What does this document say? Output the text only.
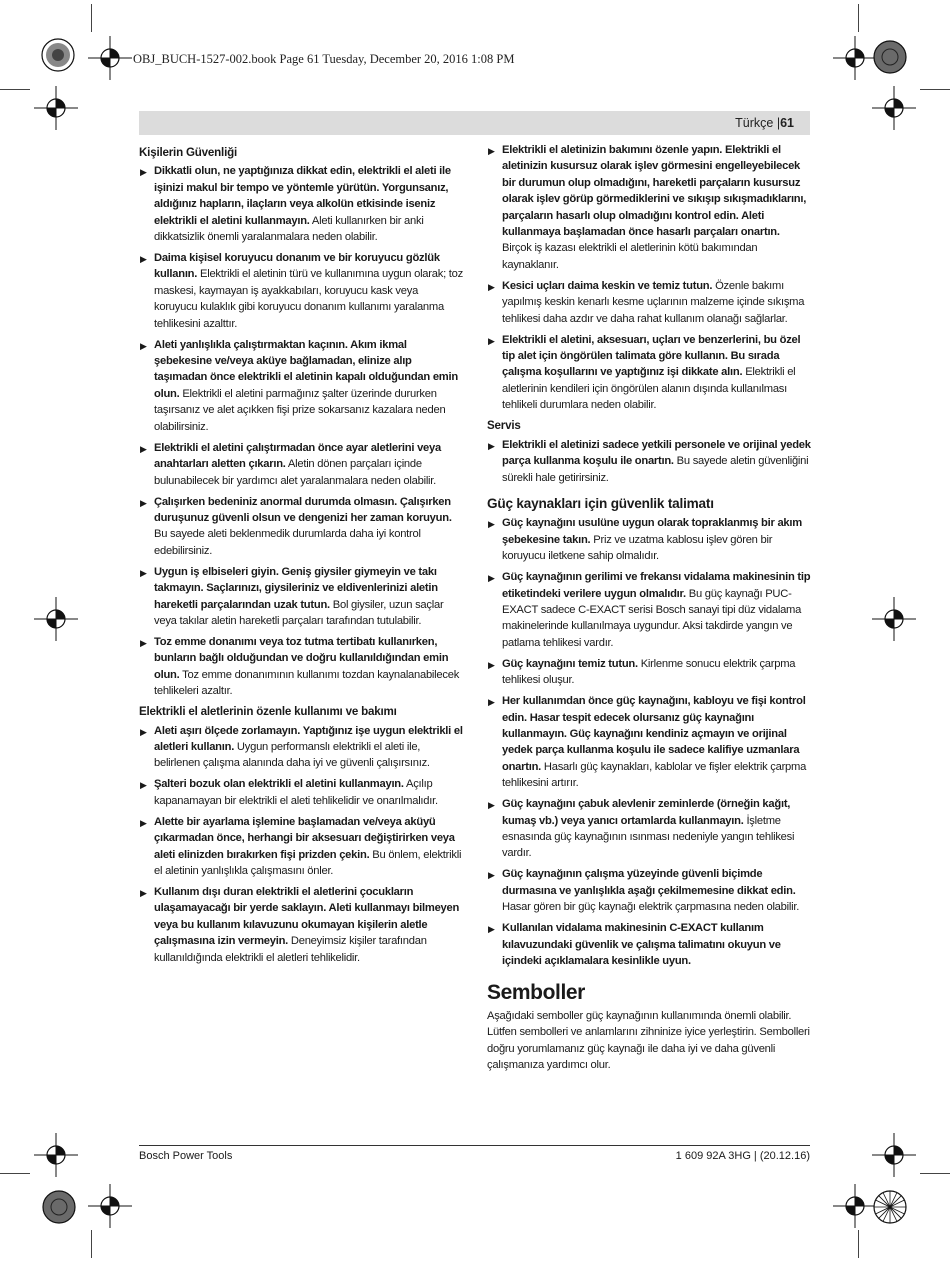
OBJ_BUCH-1527-002.book Page 61 Tuesday, December 20, 2016 1:08 PM
Türkçe |61
Kişilerin Güvenliği
▶ Dikkatli olun, ne yaptığınıza dikkat edin, elektrikli el aleti ile işinizi makul bir tempo ve yöntemle yürütün. Yorgunsanız, aldığınız hapların, ilaçların veya alkolün etkisinde iseniz elektrikli el aletini kullanmayın. Aleti kullanırken bir anki dikkatsizlik önemli yaralanmalara neden olabilir.
▶ Daima kişisel koruyucu donanım ve bir koruyucu gözlük kullanın. Elektrikli el aletinin türü ve kullanımına uygun olarak; toz maskesi, kaymayan iş ayakkabıları, koruyucu kask veya koruyucu kulaklık gibi koruyucu donanım kullanımı yaralanma tehlikesini azalttır.
▶ Aleti yanlışlıkla çalıştırmaktan kaçının. Akım ikmal şebekesine ve/veya aküye bağlamadan, elinize alıp taşımadan önce elektrikli el aletinin kapalı olduğundan emin olun. Elektrikli el aletini parmağınız şalter üzerinde dururken taşırsanız ve alet açıkken fişi prize sokarsanız kazalara neden olabilirsiniz.
▶ Elektrikli el aletini çalıştırmadan önce ayar aletlerini veya anahtarları aletten çıkarın. Aletin dönen parçaları içinde bulunabilecek bir yardımcı alet yaralanmalara neden olabilir.
▶ Çalışırken bedeniniz anormal durumda olmasın. Çalışırken duruşunuz güvenli olsun ve dengenizi her zaman koruyun. Bu sayede aleti beklenmedik durumlarda daha iyi kontrol edebilirsiniz.
▶ Uygun iş elbiseleri giyin. Geniş giysiler giymeyin ve takı takmayın. Saçlarınızı, giysileriniz ve eldivenlerinizi aletin hareketli parçalarından uzak tutun. Bol giysiler, uzun saçlar veya takılar aletin hareketli parçaları tarafından tutulabilir.
▶ Toz emme donanımı veya toz tutma tertibatı kullanırken, bunların bağlı olduğundan ve doğru kullanıldığından emin olun. Toz emme donanımının kullanımı tozdan kaynalanabilecek tehlikeleri azaltır.
Elektrikli el aletlerinin özenle kullanımı ve bakımı
▶ Aleti aşırı ölçede zorlamayın. Yaptığınız işe uygun elektrikli el aletleri kullanın. Uygun performanslı elektrikli el aleti ile, belirlenen çalışma alanında daha iyi ve güvenli çalışırsınız.
▶ Şalteri bozuk olan elektrikli el aletini kullanmayın. Açılıp kapanamayan bir elektrikli el aleti tehlikelidir ve onarılmalıdır.
▶ Alette bir ayarlama işlemine başlamadan ve/veya aküyü çıkarmadan önce, herhangi bir aksesuarı değiştirirken veya aleti elinizden bırakırken fişi prizden çekin. Bu önlem, elektrikli el aletinin yanlışlıkla çalışmasını önler.
▶ Kullanım dışı duran elektrikli el aletlerini çocukların ulaşamayacağı bir yerde saklayın. Aleti kullanmayı bilmeyen veya bu kullanım kılavuzunu okumayan kişilerin aletle çalışmasına izin vermeyin. Deneyimsiz kişiler tarafından kullanıldığında elektrikli el aletleri tehlikelidir.
▶ Elektrikli el aletinizin bakımını özenle yapın. Elektrikli el aletinizin kusursuz olarak işlev görmesini engelleyebilecek bir durumun olup olmadığını, hareketli parçaların kusursuz olarak işlev görüp görmediklerini ve sıkışıp sıkışmadıklarını, parçaların hasarlı olup olmadığını kontrol edin. Aleti kullanmaya başlamadan önce hasarlı parçaları onartın. Birçok iş kazası elektrikli el aletlerinin kötü bakımından kaynaklanır.
▶ Kesici uçları daima keskin ve temiz tutun. Özenle bakımı yapılmış keskin kenarlı kesme uçlarının malzeme içinde sıkışma tehlikesi daha azdır ve daha rahat kullanım olanağı sağlarlar.
▶ Elektrikli el aletini, aksesuarı, uçları ve benzerlerini, bu özel tip alet için öngörülen talimata göre kullanın. Bu sırada çalışma koşullarını ve yaptığınız işi dikkate alın. Elektrikli el aletlerinin kendileri için öngörülen alanın dışında kullanılması tehlikeli durumlara neden olabilir.
Servis
▶ Elektrikli el aletinizi sadece yetkili personele ve orijinal yedek parça kullanma koşulu ile onartın. Bu sayede aletin güvenliğini sürekli hale getirirsiniz.
Güç kaynakları için güvenlik talimatı
▶ Güç kaynağını usulüne uygun olarak topraklanmış bir akım şebekesine takın. Priz ve uzatma kablosu işlev gören bir koruyucu iletkene sahip olmalıdır.
▶ Güç kaynağının gerilimi ve frekansı vidalama makinesinin tip etiketindeki verilere uygun olmalıdır. Bu güç kaynağı PUC-EXACT sadece C-EXACT serisi Bosch sanayi tipi düz vidalama makinelerinde kullanılmaya uygundur. Aksi takdirde yangın ve patlama tehlikesi vardır.
▶ Güç kaynağını temiz tutun. Kirlenme sonucu elektrik çarpma tehlikesi oluşur.
▶ Her kullanımdan önce güç kaynağını, kabloyu ve fişi kontrol edin. Hasar tespit edecek olursanız güç kaynağını kullanmayın. Güç kaynağını kendiniz açmayın ve orijinal yedek parça kullanma koşulu ile sadece kalifiye uzmanlara onartın. Hasarlı güç kaynakları, kablolar ve fişler elektrik çarpma tehlikesini artırır.
▶ Güç kaynağını çabuk alevlenir zeminlerde (örneğin kağıt, kumaş vb.) veya yanıcı ortamlarda kullanmayın. İşletme esnasında güç kaynağının ısınması nedeniyle yangın tehlikesi vardır.
▶ Güç kaynağının çalışma yüzeyinde güvenli biçimde durmasına ve yanlışlıkla aşağı çekilmemesine dikkat edin. Hasar gören bir güç kaynağı elektrik çarpmasına neden olabilir.
▶ Kullanılan vidalama makinesinin C-EXACT kullanım kılavuzundaki güvenlik ve çalışma talimatını okuyun ve içindeki açıklamalara kesinlikle uyun.
Semboller

Aşağıdaki semboller güç kaynağının kullanımında önemli olabilir. Lütfen sembolleri ve anlamlarını zihninize iyice yerleştirin. Sembolleri doğru yorumlamanız güç kaynağı ile daha iyi ve daha güvenli çalışmanıza yardımcı olur.

Bosch Power Tools	1 609 92A 3HG | (20.12.16)
